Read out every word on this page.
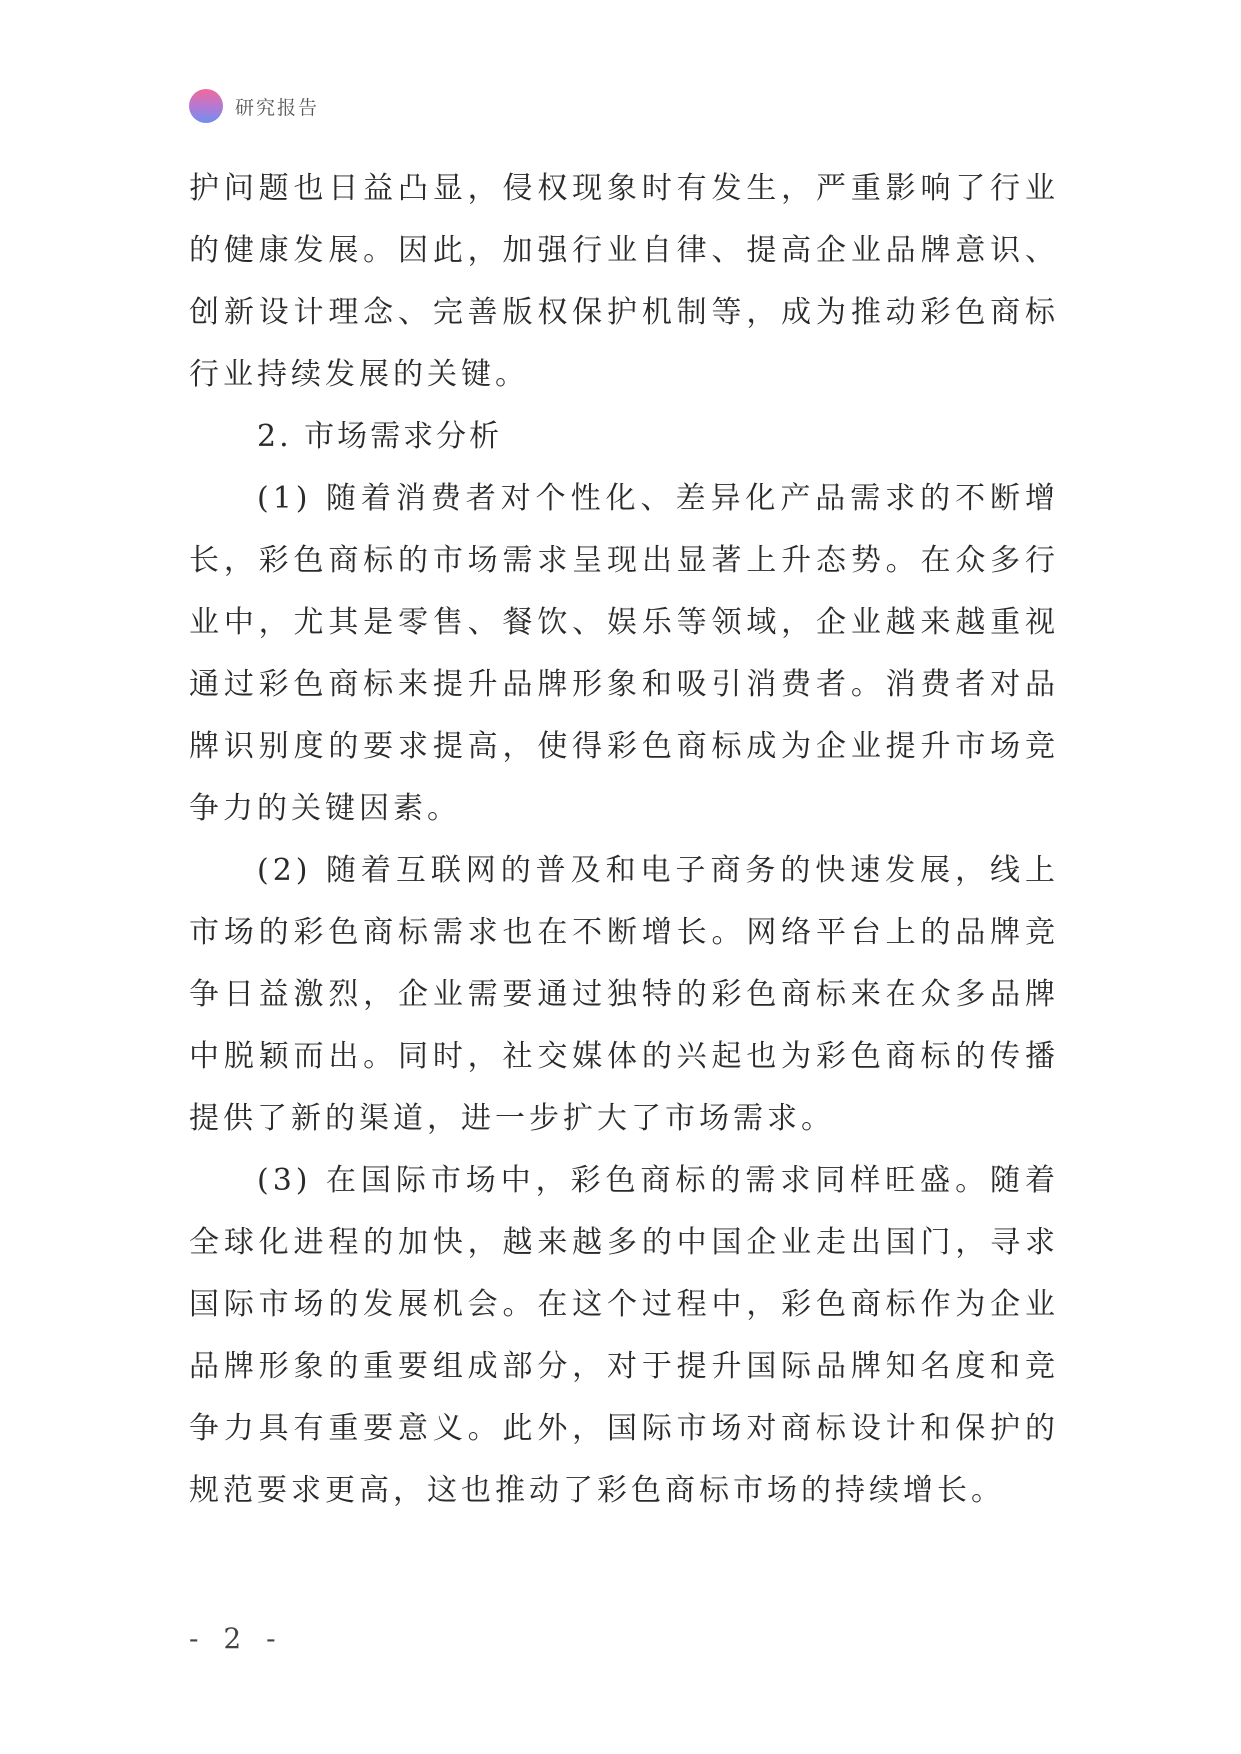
研究报告

护问题也日益凸显，侵权现象时有发生，严重影响了行业的健康发展。因此，加强行业自律、提高企业品牌意识、创新设计理念、完善版权保护机制等，成为推动彩色商标行业持续发展的关键。

2. 市场需求分析

(1) 随着消费者对个性化、差异化产品需求的不断增长，彩色商标的市场需求呈现出显著上升态势。在众多行业中，尤其是零售、餐饮、娱乐等领域，企业越来越重视通过彩色商标来提升品牌形象和吸引消费者。消费者对品牌识别度的要求提高，使得彩色商标成为企业提升市场竞争力的关键因素。

(2) 随着互联网的普及和电子商务的快速发展，线上市场的彩色商标需求也在不断增长。网络平台上的品牌竞争日益激烈，企业需要通过独特的彩色商标来在众多品牌中脱颖而出。同时，社交媒体的兴起也为彩色商标的传播提供了新的渠道，进一步扩大了市场需求。

(3) 在国际市场中，彩色商标的需求同样旺盛。随着全球化进程的加快，越来越多的中国企业走出国门，寻求国际市场的发展机会。在这个过程中，彩色商标作为企业品牌形象的重要组成部分，对于提升国际品牌知名度和竞争力具有重要意义。此外，国际市场对商标设计和保护的规范要求更高，这也推动了彩色商标市场的持续增长。

- 2 -
